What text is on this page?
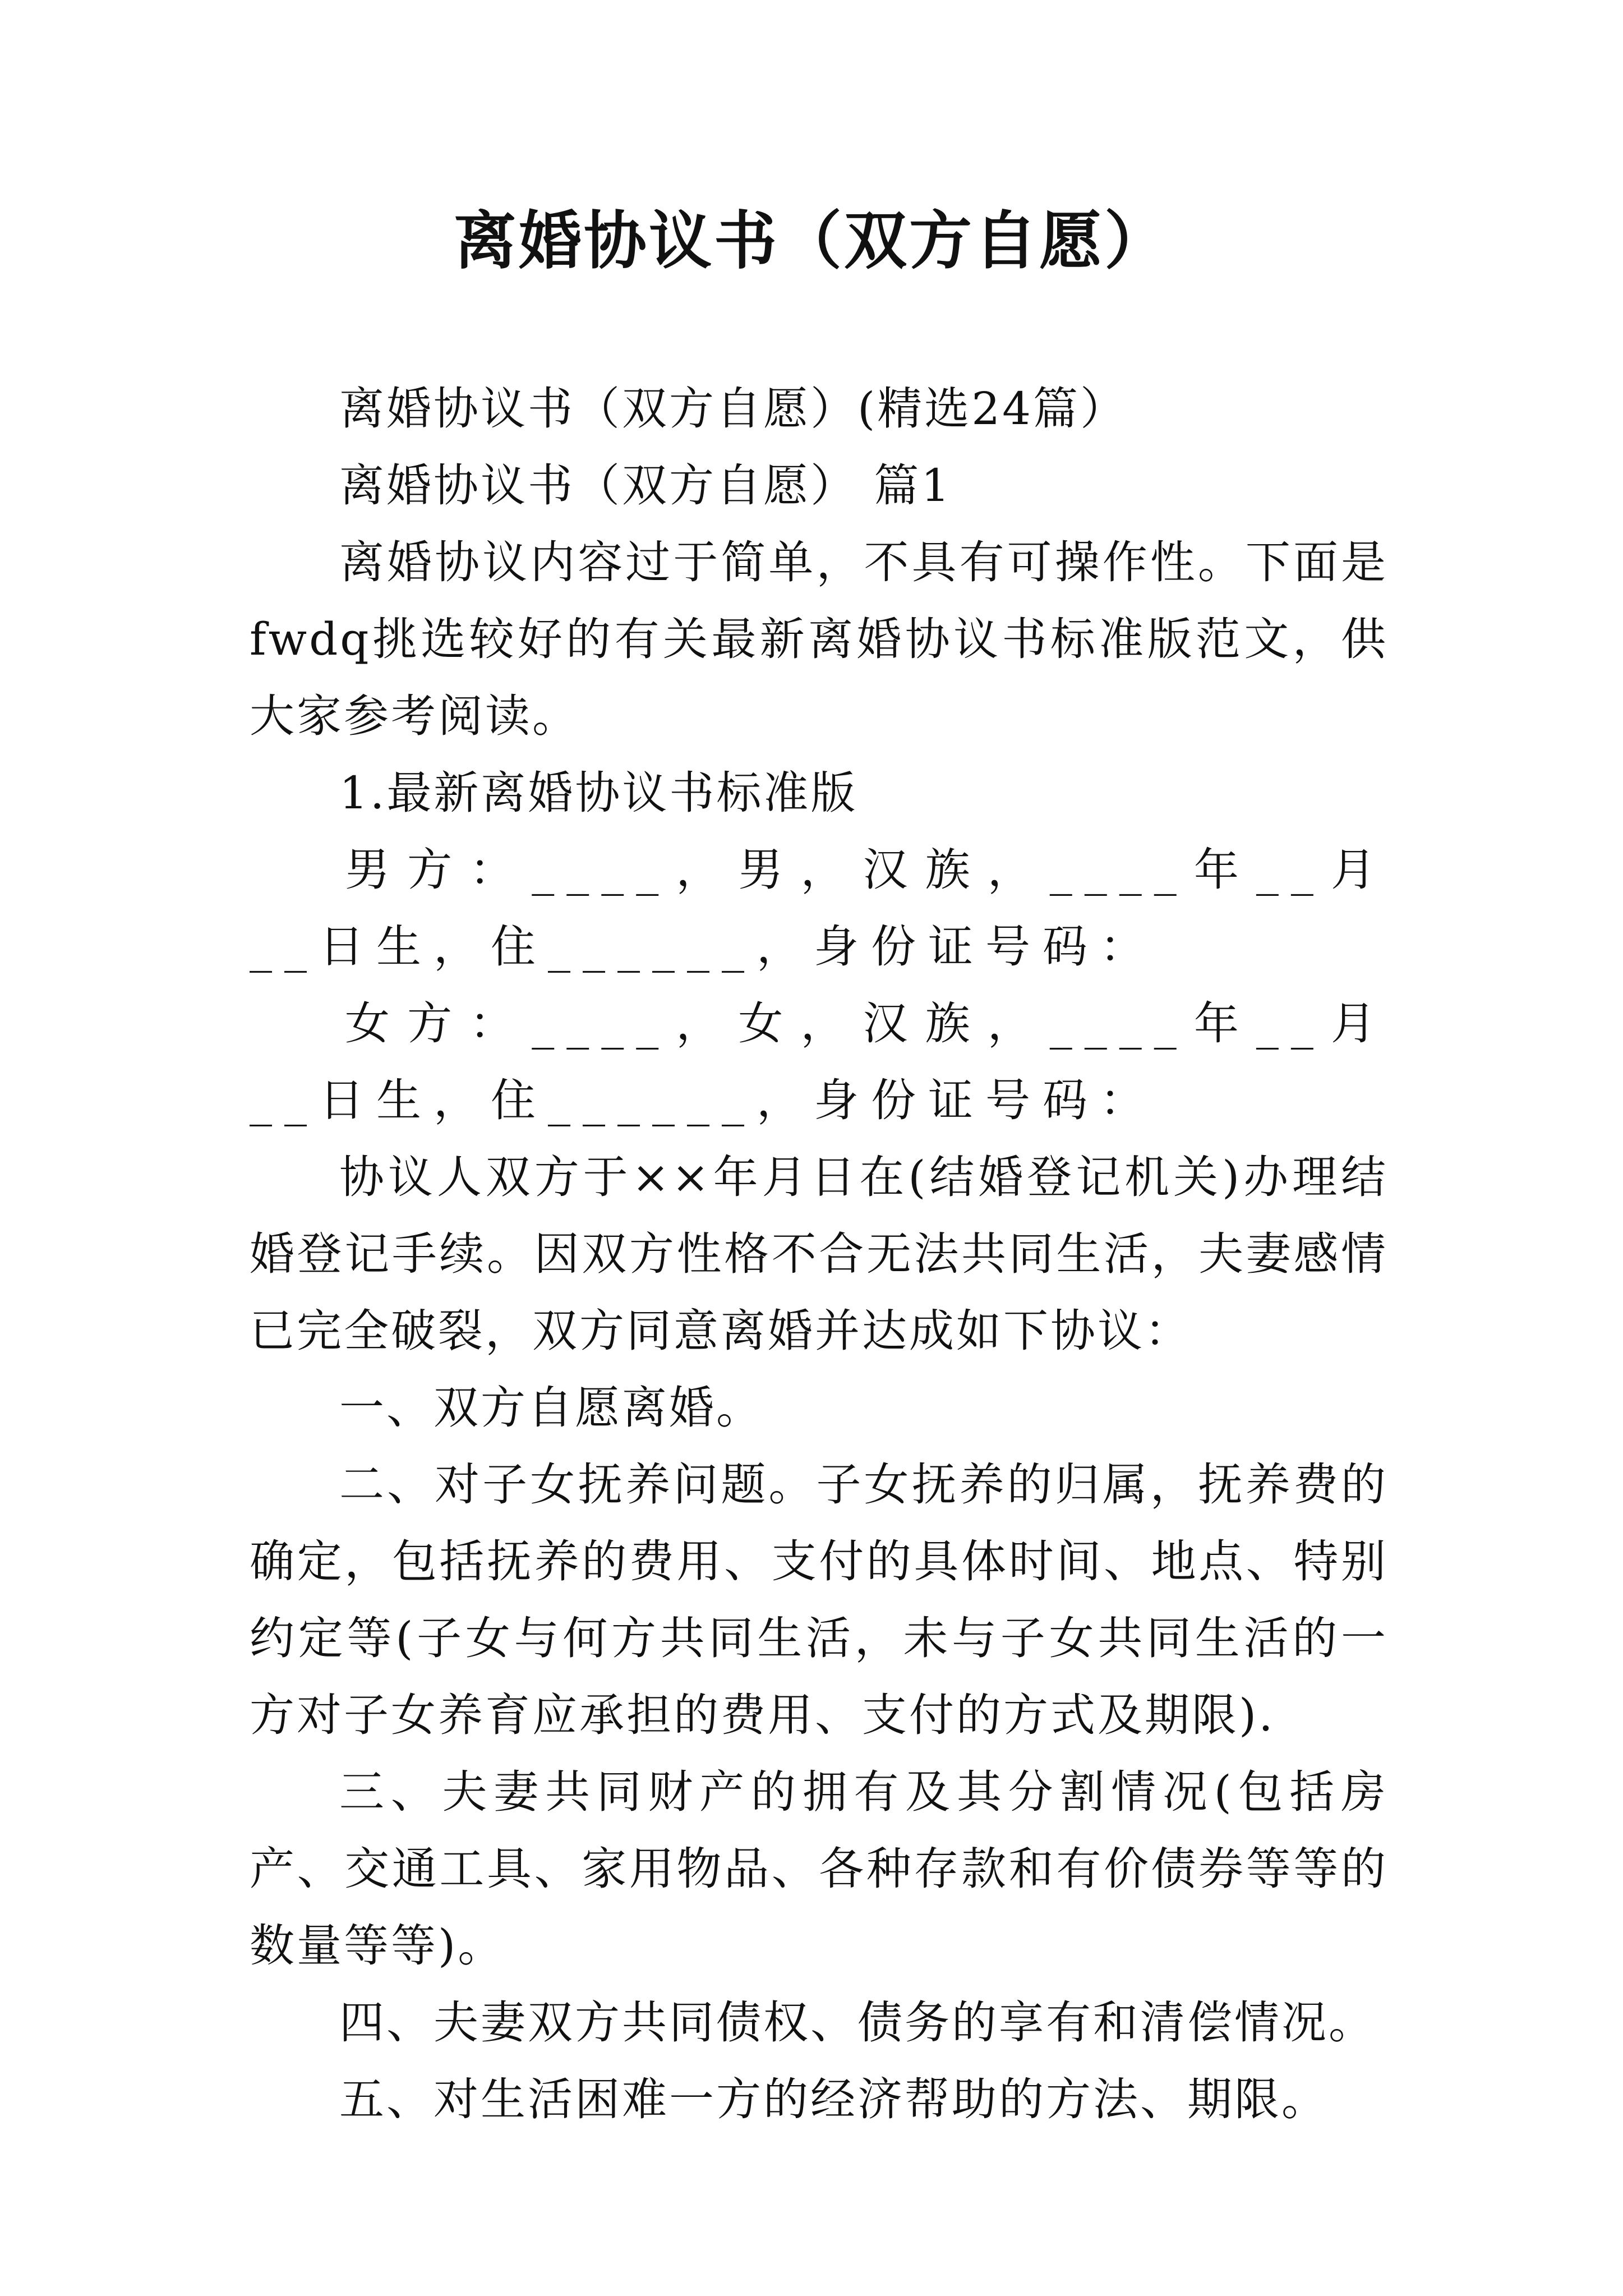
离婚协议书（双方自愿）

离婚协议书（双方自愿）(精选24篇）

离婚协议书（双方自愿） 篇1

离婚协议内容过于简单，不具有可操作性。下面是fwdq挑选较好的有关最新离婚协议书标准版范文，供大家参考阅读。

1.最新离婚协议书标准版

男方：____，男，汉族，____年__月__日生，住______，身份证号码：

女方：____，女，汉族，____年__月__日生，住______，身份证号码：

协议人双方于××年月日在(结婚登记机关)办理结婚登记手续。因双方性格不合无法共同生活，夫妻感情已完全破裂，双方同意离婚并达成如下协议：

一、双方自愿离婚。

二、对子女抚养问题。子女抚养的归属，抚养费的确定，包括抚养的费用、支付的具体时间、地点、特别约定等(子女与何方共同生活，未与子女共同生活的一方对子女养育应承担的费用、支付的方式及期限).

三、夫妻共同财产的拥有及其分割情况(包括房产、交通工具、家用物品、各种存款和有价债券等等的数量等等)。

四、夫妻双方共同债权、债务的享有和清偿情况。

五、对生活困难一方的经济帮助的方法、期限。
